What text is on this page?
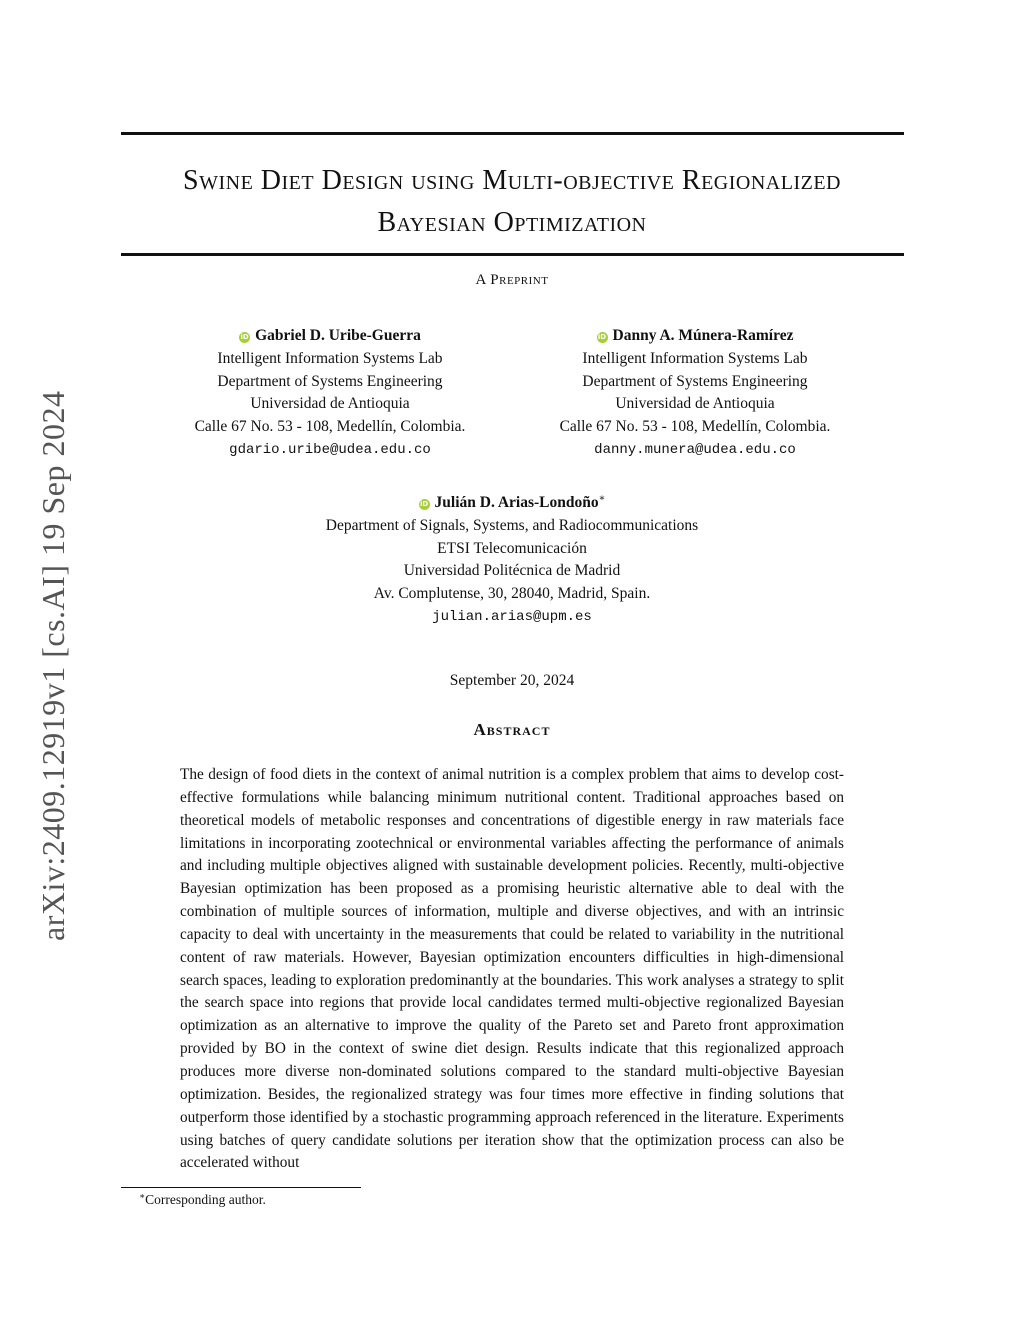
arXiv:2409.12919v1 [cs.AI] 19 Sep 2024
Swine Diet Design using Multi-objective Regionalized
Bayesian Optimization
A Preprint
iD Gabriel D. Uribe-Guerra
Intelligent Information Systems Lab
Department of Systems Engineering
Universidad de Antioquia
Calle 67 No. 53 - 108, Medellín, Colombia.
gdario.uribe@udea.edu.co
iD Danny A. Múnera-Ramírez
Intelligent Information Systems Lab
Department of Systems Engineering
Universidad de Antioquia
Calle 67 No. 53 - 108, Medellín, Colombia.
danny.munera@udea.edu.co
iD Julián D. Arias-Londoño∗
Department of Signals, Systems, and Radiocommunications
ETSI Telecomunicación
Universidad Politécnica de Madrid
Av. Complutense, 30, 28040, Madrid, Spain.
julian.arias@upm.es
September 20, 2024
Abstract
The design of food diets in the context of animal nutrition is a complex problem that aims to develop cost-effective formulations while balancing minimum nutritional content. Traditional approaches based on theoretical models of metabolic responses and concentrations of digestible energy in raw materials face limitations in incorporating zootechnical or environmental variables affecting the performance of animals and including multiple objectives aligned with sustainable development policies. Recently, multi-objective Bayesian optimization has been proposed as a promising heuristic alternative able to deal with the combination of multiple sources of information, multiple and diverse objectives, and with an intrinsic capacity to deal with uncertainty in the measurements that could be related to variability in the nutritional content of raw materials. However, Bayesian optimization encounters difficulties in high-dimensional search spaces, leading to exploration predominantly at the boundaries. This work analyses a strategy to split the search space into regions that provide local candidates termed multi-objective regionalized Bayesian optimization as an alternative to improve the quality of the Pareto set and Pareto front approximation provided by BO in the context of swine diet design. Results indicate that this regionalized approach produces more diverse non-dominated solutions compared to the standard multi-objective Bayesian optimization. Besides, the regionalized strategy was four times more effective in finding solutions that outperform those identified by a stochastic programming approach referenced in the literature. Experiments using batches of query candidate solutions per iteration show that the optimization process can also be accelerated without
∗Corresponding author.
